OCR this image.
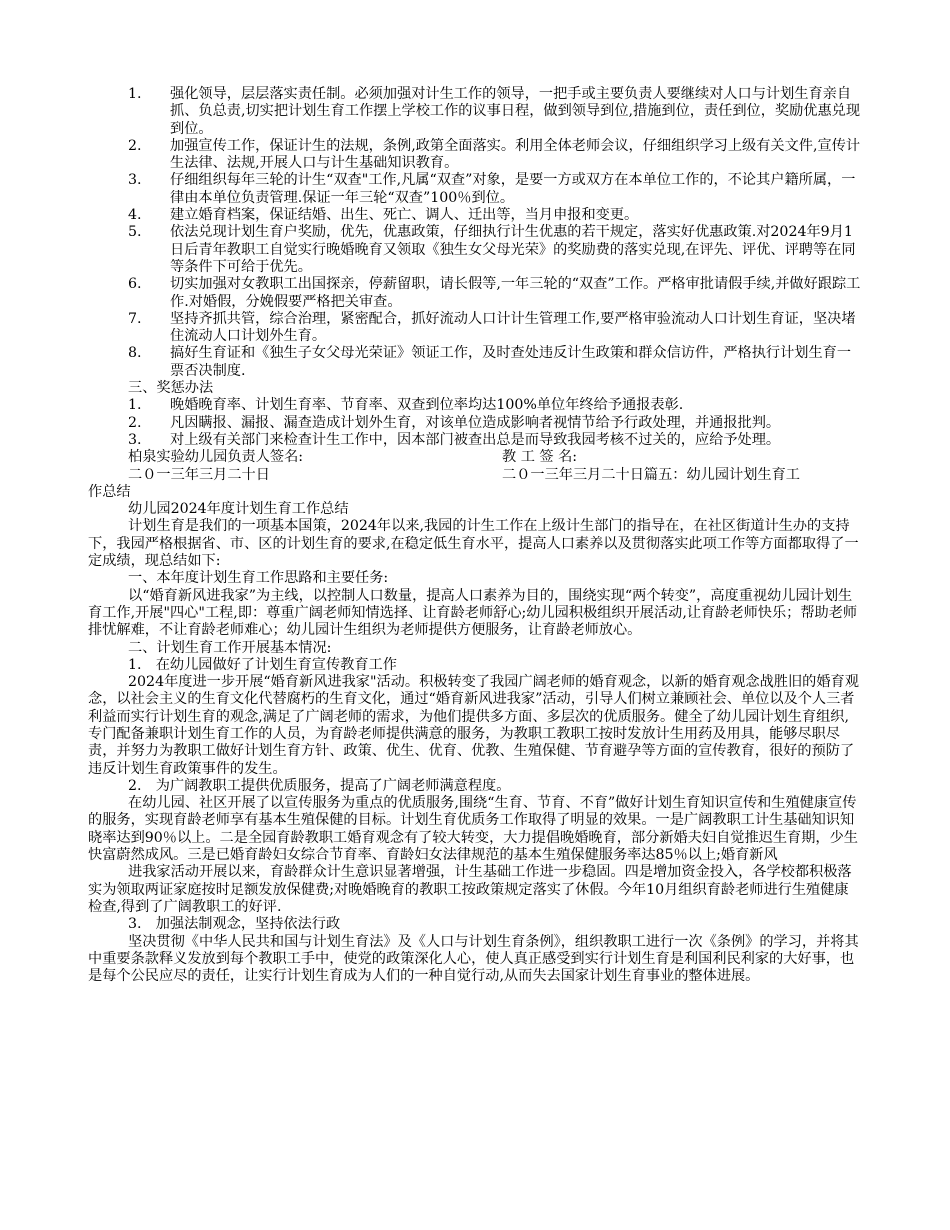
1.	强化领导，层层落实责任制。必须加强对计生工作的领导，一把手或主要负责人要继续对人口与计划生育亲自抓、负总责,切实把计划生育工作摆上学校工作的议事日程，做到领导到位,措施到位，责任到位，奖励优惠兑现到位。
2.	加强宣传工作，保证计生的法规，条例,政第全面落实。利用全体老师会议，仔细组织学习上级有关文件,宣传计生法律、法规,开展人口与计生基础知识教育。
3.	仔细组织每年三轮的计生“双查"工作,凡属“双查”对象，是要一方或双方在本单位工作的，不论其户籍所属，一律由本单位负责管理.保证一年三轮“双查”100％到位。
4.	建立婚育档案，保证结婚、出生、死亡、调人、迁出等，当月申报和变更。
5.	依法兑现计划生育户奖励，优先，优惠政策，仔细执行计生优惠的若干规定，落实好优惠政策.对2024年9月1日后青年教职工自觉实行晚婚晚育又领取《独生女父母光荣》的奖励费的落实兑现,在评先、评优、评聘等在同等条件下可给于优先。
6.	切实加强对女教职工出国探亲，停薪留职，请长假等,一年三轮的“双查”工作。严格审批请假手续,并做好跟踪工作.对婚假，分娩假要严格把关审查。
7.	坚持齐抓共管，综合治理，紧密配合，抓好流动人口计计生管理工作,要严格审验流动人口计划生育证，坚决堵住流动人口计划外生育。
8.	搞好生育证和《独生子女父母光荣证》领证工作，及时查处违反计生政策和群众信访件，严格执行计划生育一票否决制度.

三、奖惩办法

1.	晚婚晚育率、计划生育率、节育率、双查到位率均达100%单位年终给予通报表彰.
2.	凡因瞒报、漏报、漏查造成计划外生育，对该单位造成影响者视情节给予行政处理，并通报批判。
3.	对上级有关部门来检查计生工作中，因本部门被查出总是而导致我园考核不过关的，应给予处理。
柏泉实验幼儿园负责人签名:	教 工 签 名:
二０一三年三月二十日	二０一三年三月二十日篇五：幼儿园计划生育工

作总结

幼儿园2024年度计划生育工作总结

计划生育是我们的一项基本国策，2024年以来,我园的计生工作在上级计生部门的指导在，在社区街道计生办的支持下，我园严格根据省、市、区的计划生育的要求,在稳定低生育水平，提高人口素养以及贯彻落实此项工作等方面都取得了一定成绩，现总结如下:

一、本年度计划生育工作思路和主要任务:

以“婚育新风进我家”为主线，以控制人口数量，提高人口素养为目的，围绕实现“两个转变”，高度重视幼儿园计划生育工作,开展"四心"工程,即：尊重广阔老师知情选择、让育龄老师舒心;幼儿园积极组织开展活动,让育龄老师快乐；帮助老师排忧解难，不让育龄老师难心；幼儿园计生组织为老师提供方便服务，让育龄老师放心。

二、计划生育工作开展基本情况:

1.　在幼儿园做好了计划生育宣传教育工作

2024年度进一步开展“婚育新风进我家"活动。积极转变了我园广阔老师的婚育观念，以新的婚育观念战胜旧的婚育观念，以社会主义的生育文化代替腐朽的生育文化，通过“婚育新风进我家”活动，引导人们树立兼顾社会、单位以及个人三者利益而实行计划生育的观念,满足了广阔老师的需求，为他们提供多方面、多层次的优质服务。健全了幼儿园计划生育组织,专门配备兼职计划生育工作的人员，为育龄老师提供满意的服务，为教职工教职工按时发放计生用药及用具，能够尽职尽责，并努力为教职工做好计划生育方针、政策、优生、优育、优教、生殖保健、节育避孕等方面的宣传教育，很好的预防了违反计划生育政策事件的发生。

2.　为广阔教职工提供优质服务，提高了广阔老师满意程度。

在幼儿园、社区开展了以宣传服务为重点的优质服务,围绕“生育、节育、不育”做好计划生育知识宣传和生殖健康宣传的服务，实现育龄老师享有基本生殖保健的目标。计划生育优质务工作取得了明显的效果。一是广阔教职工计生基础知识知晓率达到90％以上。二是全园育龄教职工婚育观念有了较大转变，大力提倡晚婚晚育，部分新婚夫妇自觉推迟生育期，少生快富蔚然成风。三是已婚育龄妇女综合节育率、育龄妇女法律规范的基本生殖保健服务率达85％以上;婚育新风

进我家活动开展以来，育龄群众计生意识显著增强，计生基础工作进一步稳固。四是增加资金投入，各学校都积极落实为领取两证家庭按时足额发放保健费;对晚婚晚育的教职工按政策规定落实了休假。今年10月组织育龄老师进行生殖健康检查,得到了广阔教职工的好评.

3.　加强法制观念，坚持依法行政

坚决贯彻《中华人民共和国与计划生育法》及《人口与计划生育条例》，组织教职工进行一次《条例》的学习，并将其中重要条款释义发放到每个教职工手中，使党的政策深化人心，使人真正感受到实行计划生育是利国利民利家的大好事，也是每个公民应尽的责任，让实行计划生育成为人们的一种自觉行动,从而失去国家计划生育事业的整体进展。
